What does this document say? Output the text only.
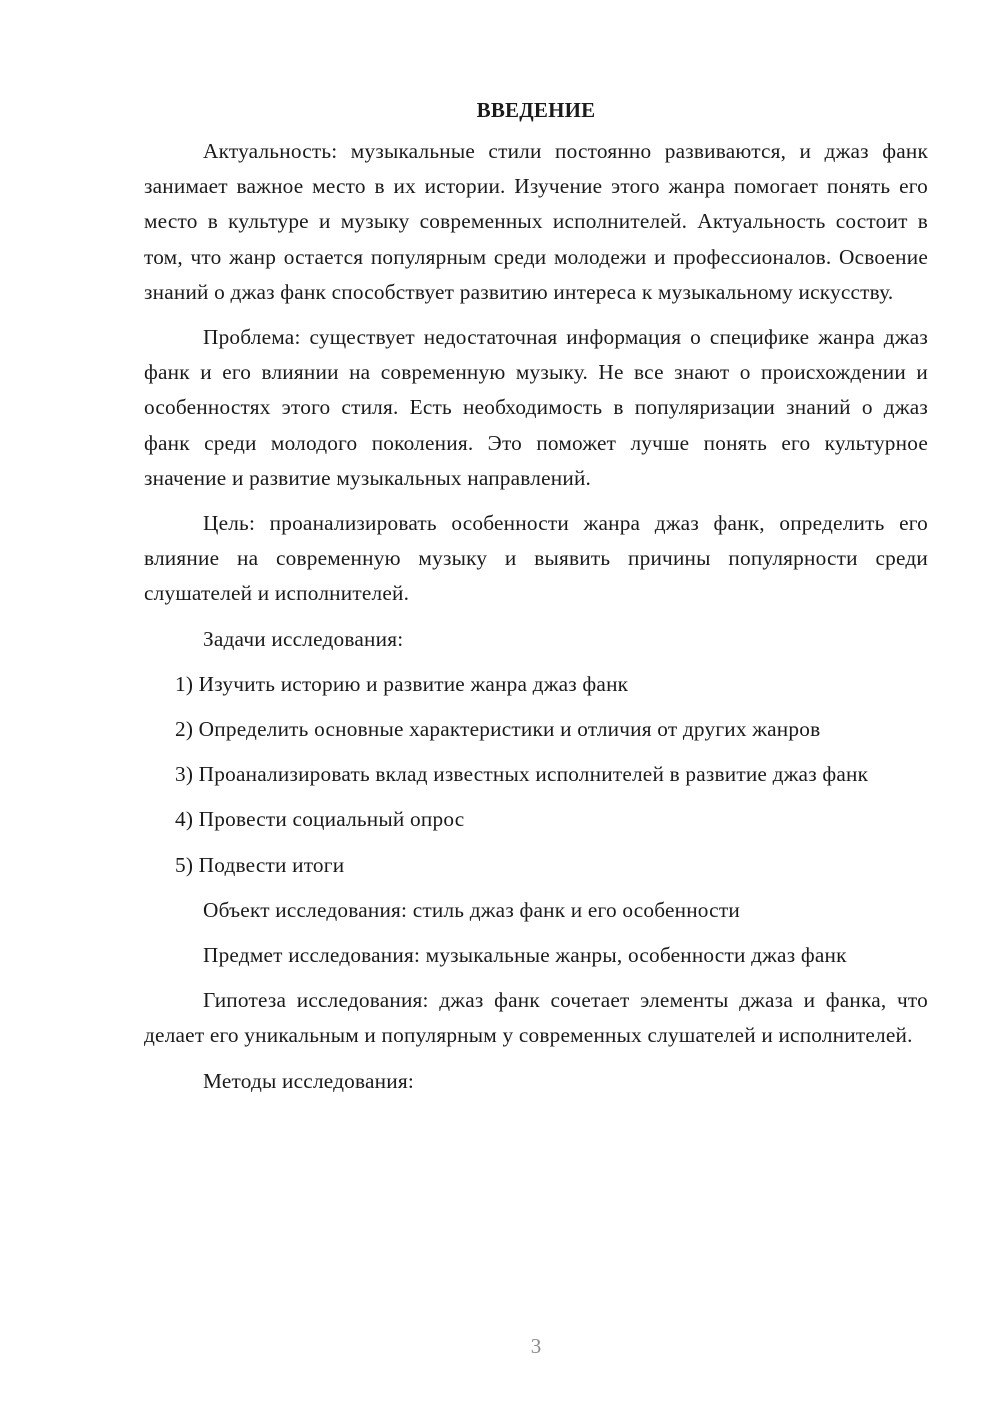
ВВЕДЕНИЕ
Актуальность: музыкальные стили постоянно развиваются, и джаз фанк занимает важное место в их истории. Изучение этого жанра помогает понять его место в культуре и музыку современных исполнителей. Актуальность состоит в том, что жанр остается популярным среди молодежи и профессионалов. Освоение знаний о джаз фанк способствует развитию интереса к музыкальному искусству.
Проблема: существует недостаточная информация о специфике жанра джаз фанк и его влиянии на современную музыку. Не все знают о происхождении и особенностях этого стиля. Есть необходимость в популяризации знаний о джаз фанк среди молодого поколения. Это поможет лучше понять его культурное значение и развитие музыкальных направлений.
Цель: проанализировать особенности жанра джаз фанк, определить его влияние на современную музыку и выявить причины популярности среди слушателей и исполнителей.
Задачи исследования:
1) Изучить историю и развитие жанра джаз фанк
2) Определить основные характеристики и отличия от других жанров
3) Проанализировать вклад известных исполнителей в развитие джаз фанк
4) Провести социальный опрос
5) Подвести итоги
Объект исследования: стиль джаз фанк и его особенности
Предмет исследования: музыкальные жанры, особенности джаз фанк
Гипотеза исследования: джаз фанк сочетает элементы джаза и фанка, что делает его уникальным и популярным у современных слушателей и исполнителей.
Методы исследования:
3
